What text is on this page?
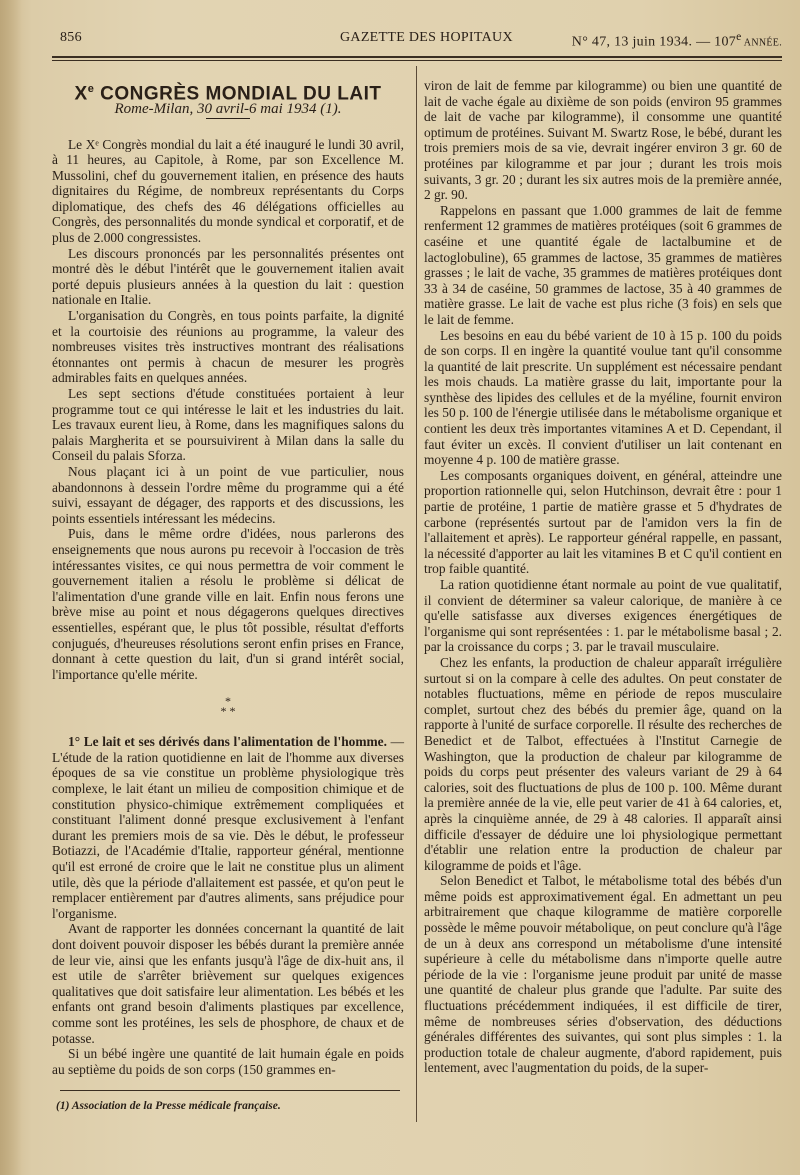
856	GAZETTE DES HOPITAUX	N° 47, 13 juin 1934. — 107e ANNÉE.

Xe CONGRÈS MONDIAL DU LAIT

Rome-Milan, 30 avril-6 mai 1934 (1).

Le Xᵉ Congrès mondial du lait a été inauguré le lundi 30 avril, à 11 heures, au Capitole, à Rome, par son Excellence M. Mussolini, chef du gouvernement italien, en présence des hauts dignitaires du Régime, de nombreux représentants du Corps diplomatique, des chefs des 46 délégations officielles au Congrès, des personnalités du monde syndical et corporatif, et de plus de 2.000 congressistes.

Les discours prononcés par les personnalités présentes ont montré dès le début l'intérêt que le gouvernement italien avait porté depuis plusieurs années à la question du lait : question nationale en Italie.

L'organisation du Congrès, en tous points parfaite, la dignité et la courtoisie des réunions au programme, la valeur des nombreuses visites très instructives montrant des réalisations étonnantes ont permis à chacun de mesurer les progrès admirables faits en quelques années.

Les sept sections d'étude constituées portaient à leur programme tout ce qui intéresse le lait et les industries du lait. Les travaux eurent lieu, à Rome, dans les magnifiques salons du palais Margherita et se poursuivirent à Milan dans la salle du Conseil du palais Sforza.

Nous plaçant ici à un point de vue particulier, nous abandonnons à dessein l'ordre même du programme qui a été suivi, essayant de dégager, des rapports et des discussions, les points essentiels intéressant les médecins.

Puis, dans le même ordre d'idées, nous parlerons des enseignements que nous aurons pu recevoir à l'occasion de très intéressantes visites, ce qui nous permettra de voir comment le gouvernement italien a résolu le problème si délicat de l'alimentation d'une grande ville en lait. Enfin nous ferons une brève mise au point et nous dégagerons quelques directives essentielles, espérant que, le plus tôt possible, résultat d'efforts conjugués, d'heureuses résolutions seront enfin prises en France, donnant à cette question du lait, d'un si grand intérêt social, l'importance qu'elle mérite.

*
* *

1° Le lait et ses dérivés dans l'alimentation de l'homme. — L'étude de la ration quotidienne en lait de l'homme aux diverses époques de sa vie constitue un problème physiologique très complexe, le lait étant un milieu de composition chimique et de constitution physico-chimique extrêmement compliquées et constituant l'aliment donné presque exclusivement à l'enfant durant les premiers mois de sa vie. Dès le début, le professeur Botiazzi, de l'Académie d'Italie, rapporteur général, mentionne qu'il est erroné de croire que le lait ne constitue plus un aliment utile, dès que la période d'allaitement est passée, et qu'on peut le remplacer entièrement par d'autres aliments, sans préjudice pour l'organisme.

Avant de rapporter les données concernant la quantité de lait dont doivent pouvoir disposer les bébés durant la première année de leur vie, ainsi que les enfants jusqu'à l'âge de dix-huit ans, il est utile de s'arrêter brièvement sur quelques exigences qualitatives que doit satisfaire leur alimentation. Les bébés et les enfants ont grand besoin d'aliments plastiques par excellence, comme sont les protéines, les sels de phosphore, de chaux et de potasse.

Si un bébé ingère une quantité de lait humain égale en poids au septième du poids de son corps (150 grammes en-

viron de lait de femme par kilogramme) ou bien une quantité de lait de vache égale au dixième de son poids (environ 95 grammes de lait de vache par kilogramme), il consomme une quantité optimum de protéines. Suivant M. Swartz Rose, le bébé, durant les trois premiers mois de sa vie, devrait ingérer environ 3 gr. 60 de protéines par kilogramme et par jour ; durant les trois mois suivants, 3 gr. 20 ; durant les six autres mois de la première année, 2 gr. 90.

Rappelons en passant que 1.000 grammes de lait de femme renferment 12 grammes de matières protéiques (soit 6 grammes de caséine et une quantité égale de lactalbumine et de lactoglobuline), 65 grammes de lactose, 35 grammes de matières grasses ; le lait de vache, 35 grammes de matières protéiques dont 33 à 34 de caséine, 50 grammes de lactose, 35 à 40 grammes de matière grasse. Le lait de vache est plus riche (3 fois) en sels que le lait de femme.

Les besoins en eau du bébé varient de 10 à 15 p. 100 du poids de son corps. Il en ingère la quantité voulue tant qu'il consomme la quantité de lait prescrite. Un supplément est nécessaire pendant les mois chauds. La matière grasse du lait, importante pour la synthèse des lipides des cellules et de la myéline, fournit environ les 50 p. 100 de l'énergie utilisée dans le métabolisme organique et contient les deux très importantes vitamines A et D. Cependant, il faut éviter un excès. Il convient d'utiliser un lait contenant en moyenne 4 p. 100 de matière grasse.

Les composants organiques doivent, en général, atteindre une proportion rationnelle qui, selon Hutchinson, devrait être : pour 1 partie de protéine, 1 partie de matière grasse et 5 d'hydrates de carbone (représentés surtout par de l'amidon vers la fin de l'allaitement et après). Le rapporteur général rappelle, en passant, la nécessité d'apporter au lait les vitamines B et C qu'il contient en trop faible quantité.

La ration quotidienne étant normale au point de vue qualitatif, il convient de déterminer sa valeur calorique, de manière à ce qu'elle satisfasse aux diverses exigences énergétiques de l'organisme qui sont représentées : 1. par le métabolisme basal ; 2. par la croissance du corps ; 3. par le travail musculaire.

Chez les enfants, la production de chaleur apparaît irrégulière surtout si on la compare à celle des adultes. On peut constater de notables fluctuations, même en période de repos musculaire complet, surtout chez des bébés du premier âge, quand on la rapporte à l'unité de surface corporelle. Il résulte des recherches de Benedict et de Talbot, effectuées à l'Institut Carnegie de Washington, que la production de chaleur par kilogramme de poids du corps peut présenter des valeurs variant de 29 à 64 calories, soit des fluctuations de plus de 100 p. 100. Même durant la première année de la vie, elle peut varier de 41 à 64 calories, et, après la cinquième année, de 29 à 48 calories. Il apparaît ainsi difficile d'essayer de déduire une loi physiologique permettant d'établir une relation entre la production de chaleur par kilogramme de poids et l'âge.

Selon Benedict et Talbot, le métabolisme total des bébés d'un même poids est approximativement égal. En admettant un peu arbitrairement que chaque kilogramme de matière corporelle possède le même pouvoir métabolique, on peut conclure qu'à l'âge de un à deux ans correspond un métabolisme d'une intensité supérieure à celle du métabolisme dans n'importe quelle autre période de la vie : l'organisme jeune produit par unité de masse une quantité de chaleur plus grande que l'adulte. Par suite des fluctuations précédemment indiquées, il est difficile de tirer, même de nombreuses séries d'observation, des déductions générales différentes des suivantes, qui sont plus simples : 1. la production totale de chaleur augmente, d'abord rapidement, puis lentement, avec l'augmentation du poids, de la super-

(1) Association de la Presse médicale française.
